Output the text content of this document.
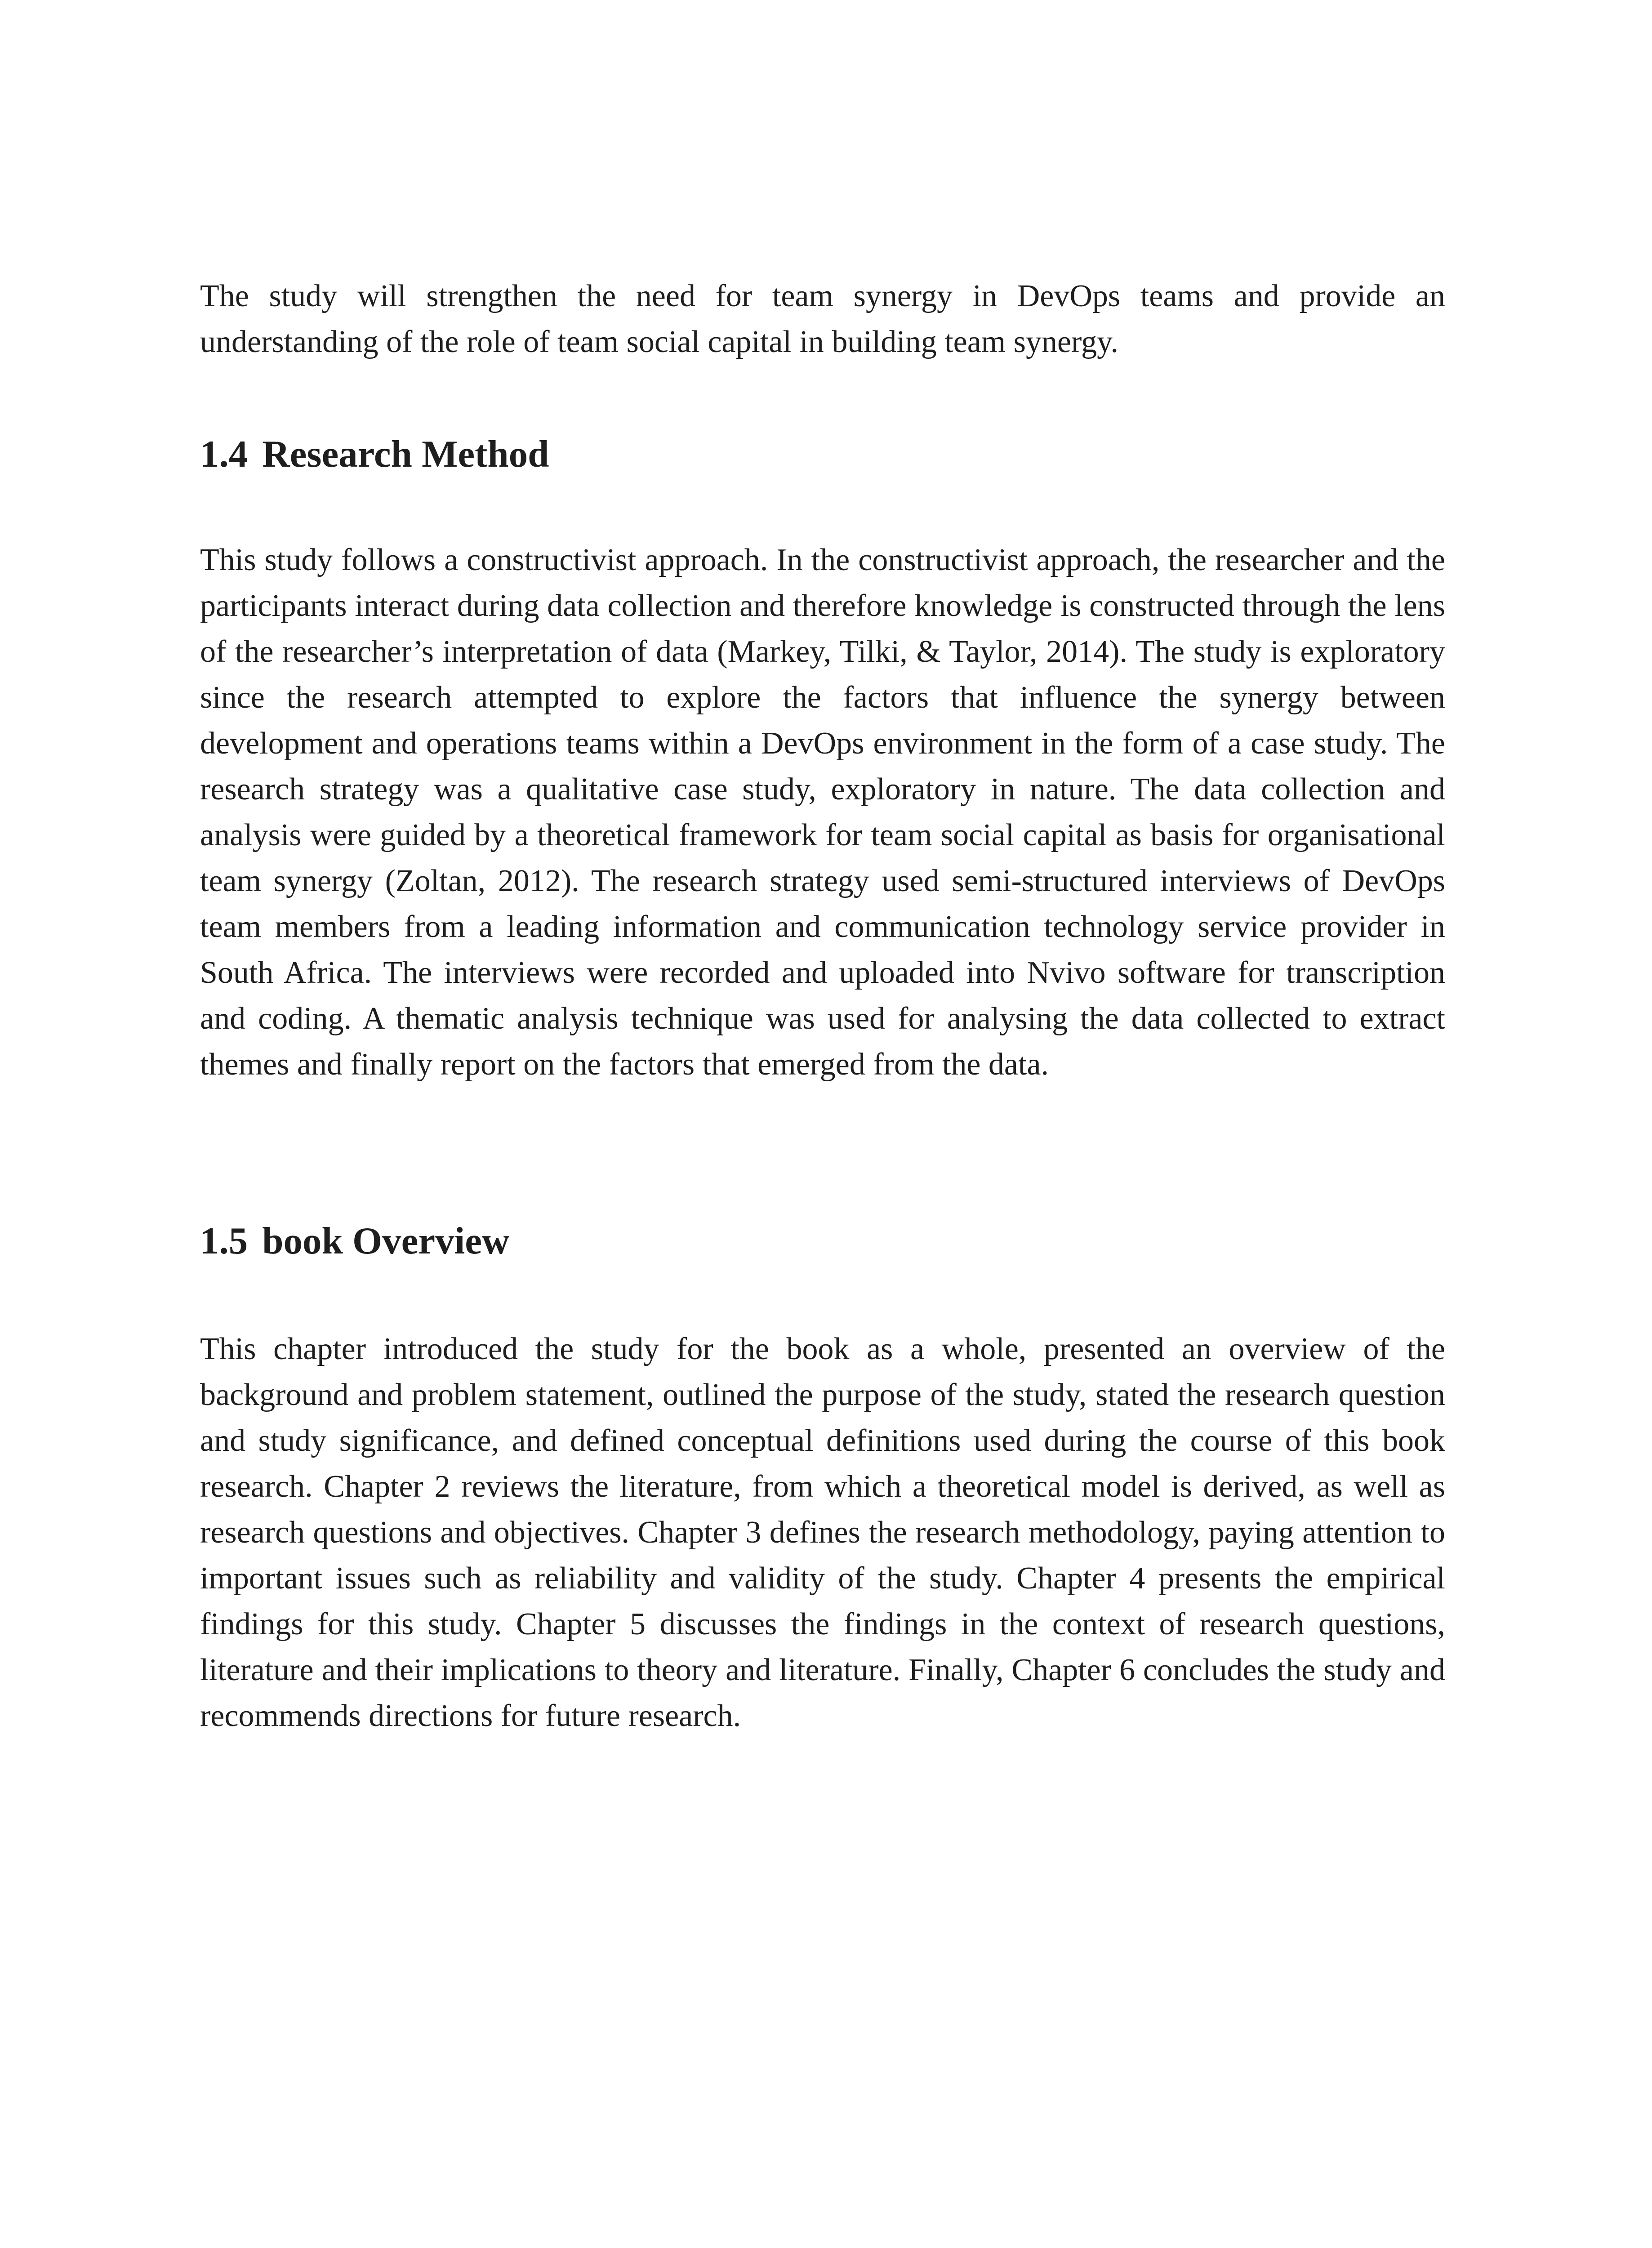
The study will strengthen the need for team synergy in DevOps teams and provide an understanding of the role of team social capital in building team synergy.

1.4 Research Method

This study follows a constructivist approach. In the constructivist approach, the researcher and the participants interact during data collection and therefore knowledge is constructed through the lens of the researcher’s interpretation of data (Markey, Tilki, & Taylor, 2014). The study is exploratory since the research attempted to explore the factors that influence the synergy between development and operations teams within a DevOps environment in the form of a case study. The research strategy was a qualitative case study, exploratory in nature. The data collection and analysis were guided by a theoretical framework for team social capital as basis for organisational team synergy (Zoltan, 2012). The research strategy used semi-structured interviews of DevOps team members from a leading information and communication technology service provider in South Africa. The interviews were recorded and uploaded into Nvivo software for transcription and coding. A thematic analysis technique was used for analysing the data collected to extract themes and finally report on the factors that emerged from the data.

1.5 book Overview

This chapter introduced the study for the book as a whole, presented an overview of the background and problem statement, outlined the purpose of the study, stated the research question and study significance, and defined conceptual definitions used during the course of this book research. Chapter 2 reviews the literature, from which a theoretical model is derived, as well as research questions and objectives. Chapter 3 defines the research methodology, paying attention to important issues such as reliability and validity of the study. Chapter 4 presents the empirical findings for this study. Chapter 5 discusses the findings in the context of research questions, literature and their implications to theory and literature. Finally, Chapter 6 concludes the study and recommends directions for future research.
